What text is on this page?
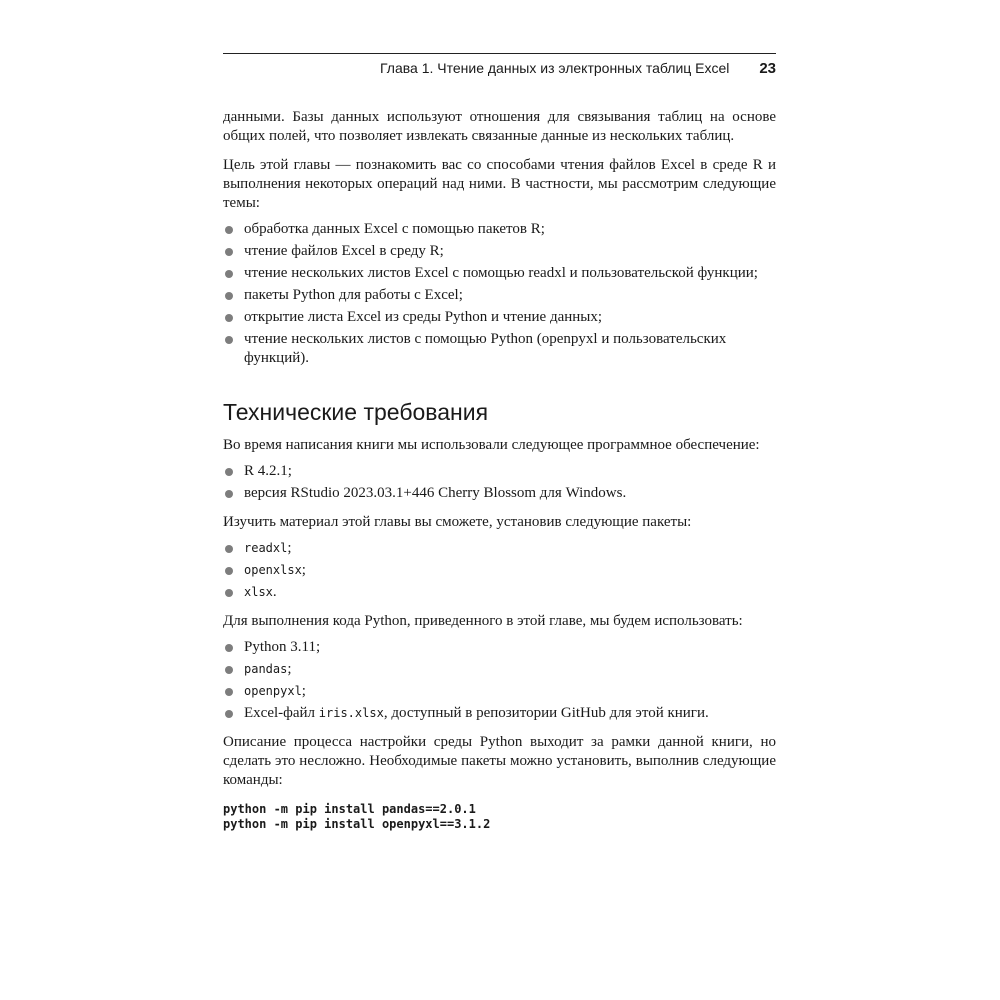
Глава 1. Чтение данных из электронных таблиц Excel 23

данными. Базы данных используют отношения для связывания таблиц на основе общих полей, что позволяет извлекать связанные данные из нескольких таблиц.

Цель этой главы — познакомить вас со способами чтения файлов Excel в среде R и выполнения некоторых операций над ними. В частности, мы рассмотрим следующие темы:

обработка данных Excel с помощью пакетов R;
чтение файлов Excel в среду R;
чтение нескольких листов Excel с помощью readxl и пользовательской функции;
пакеты Python для работы с Excel;
открытие листа Excel из среды Python и чтение данных;
чтение нескольких листов с помощью Python (openpyxl и пользовательских функций).
Технические требования

Во время написания книги мы использовали следующее программное обеспечение:

R 4.2.1;
версия RStudio 2023.03.1+446 Cherry Blossom для Windows.

Изучить материал этой главы вы сможете, установив следующие пакеты:

readxl;
openxlsx;
xlsx.

Для выполнения кода Python, приведенного в этой главе, мы будем использовать:

Python 3.11;
pandas;
openpyxl;
Excel-файл iris.xlsx, доступный в репозитории GitHub для этой книги.

Описание процесса настройки среды Python выходит за рамки данной книги, но сделать это несложно. Необходимые пакеты можно установить, выполнив следующие команды:

python -m pip install pandas==2.0.1
python -m pip install openpyxl==3.1.2
